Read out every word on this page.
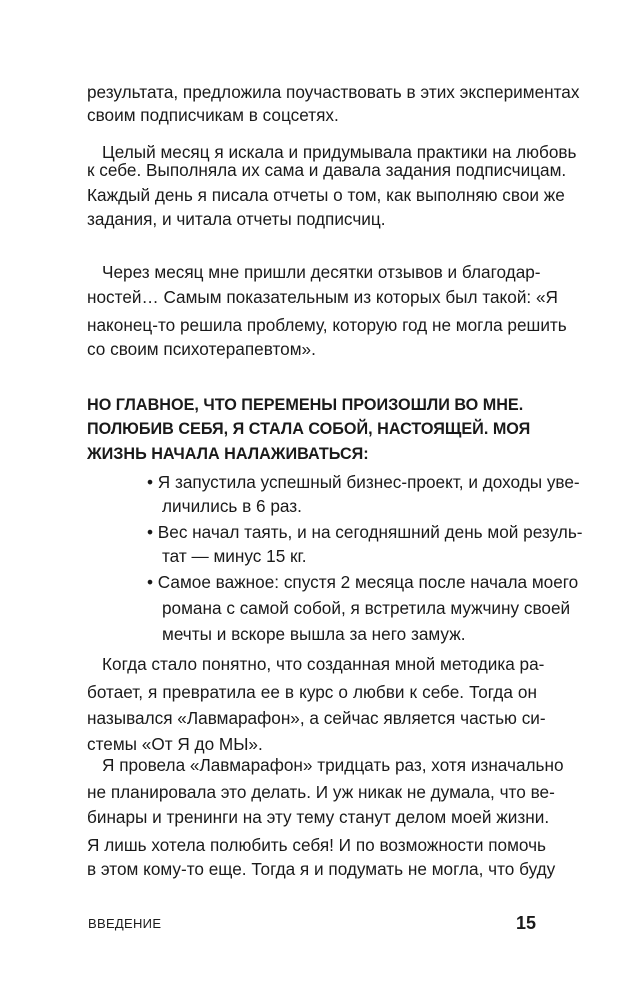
результата, предложила поучаствовать в этих экспериментах
своим подписчикам в соцсетях.
Целый месяц я искала и придумывала практики на любовь
к себе. Выполняла их сама и давала задания подписчицам.
Каждый день я писала отчеты о том, как выполняю свои же
задания, и читала отчеты подписчиц.
Через месяц мне пришли десятки отзывов и благодар-
ностей… Самым показательным из которых был такой: «Я
наконец-то решила проблему, которую год не могла решить
со своим психотерапевтом».
НО ГЛАВНОЕ, ЧТО ПЕРЕМЕНЫ ПРОИЗОШЛИ ВО МНЕ.
ПОЛЮБИВ СЕБЯ, Я СТАЛА СОБОЙ, НАСТОЯЩЕЙ. МОЯ
ЖИЗНЬ НАЧАЛА НАЛАЖИВАТЬСЯ:
• Я запустила успешный бизнес-проект, и доходы уве-
личились в 6 раз.
• Вес начал таять, и на сегодняшний день мой резуль-
тат — минус 15 кг.
• Самое важное: спустя 2 месяца после начала моего
романа с самой собой, я встретила мужчину своей
мечты и вскоре вышла за него замуж.
Когда стало понятно, что созданная мной методика ра-
ботает, я превратила ее в курс о любви к себе. Тогда он
назывался «Лавмарафон», а сейчас является частью си-
стемы «От Я до МЫ».
Я провела «Лавмарафон» тридцать раз, хотя изначально
не планировала это делать. И уж никак не думала, что ве-
бинары и тренинги на эту тему станут делом моей жизни.
Я лишь хотела полюбить себя! И по возможности помочь
в этом кому-то еще. Тогда я и подумать не могла, что буду
ВВЕДЕНИЕ	15
